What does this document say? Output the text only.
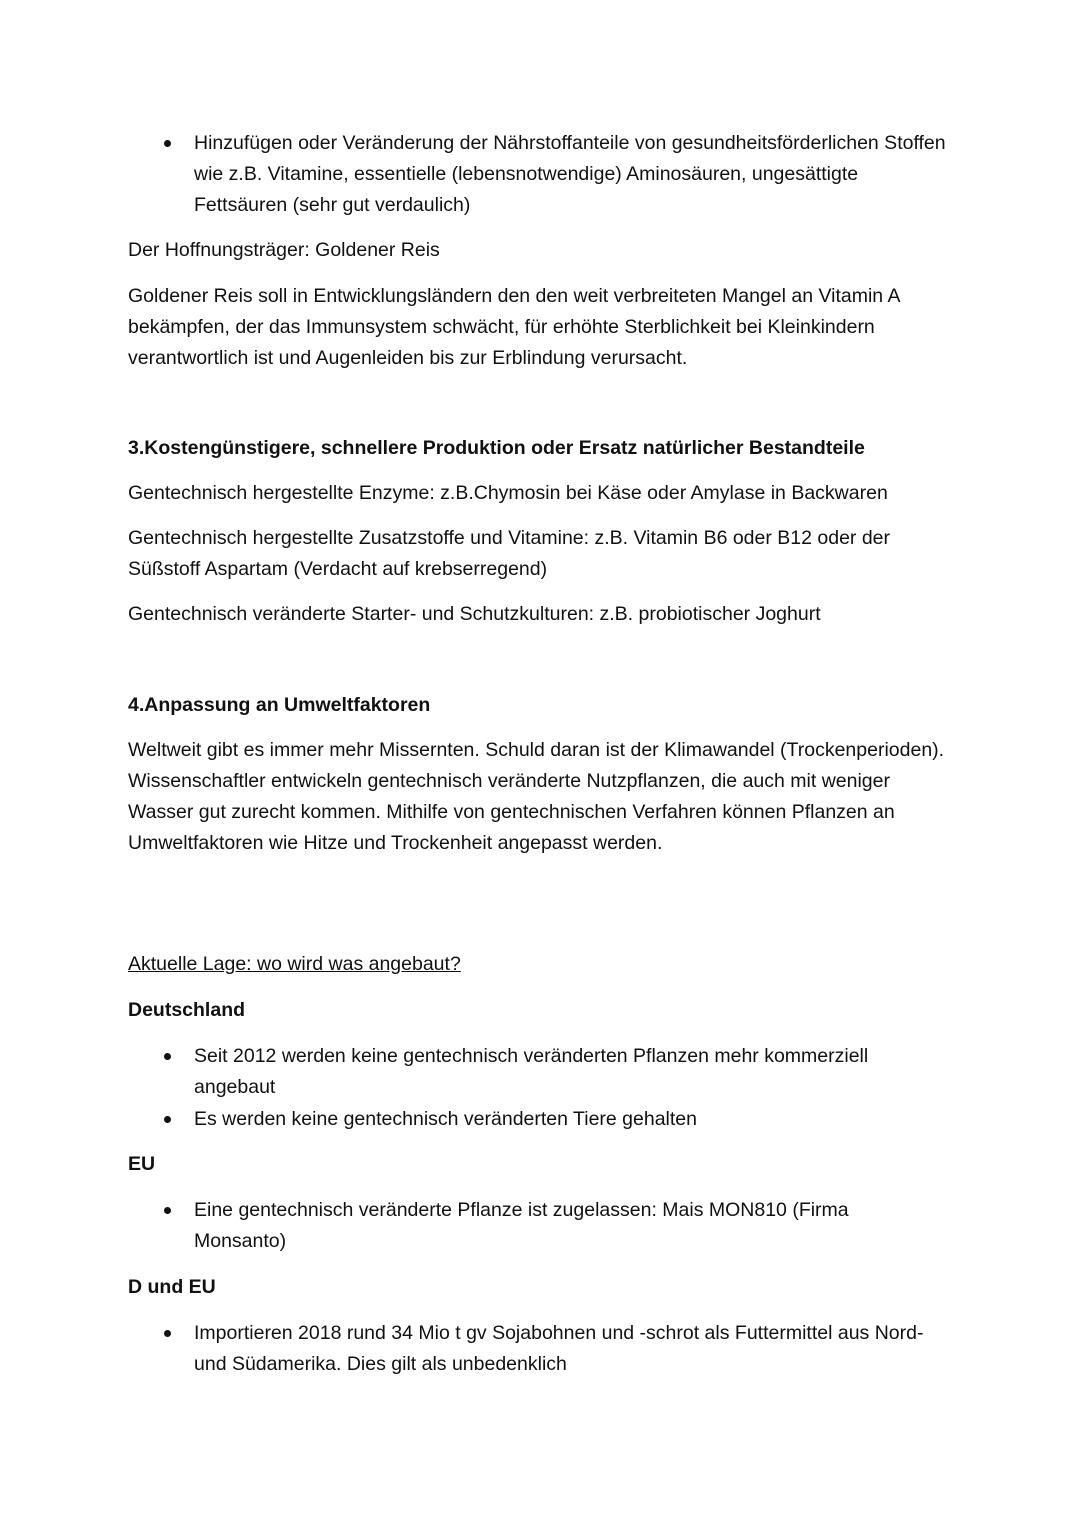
Hinzufügen oder Veränderung der Nährstoffanteile von gesundheitsförderlichen Stoffen wie z.B. Vitamine, essentielle (lebensnotwendige) Aminosäuren, ungesättigte Fettsäuren (sehr gut verdaulich)

Der Hoffnungsträger: Goldener Reis

Goldener Reis soll in Entwicklungsländern den den weit verbreiteten Mangel an Vitamin A bekämpfen, der das Immunsystem schwächt, für erhöhte Sterblichkeit bei Kleinkindern verantwortlich ist und Augenleiden bis zur Erblindung verursacht.

3.Kostengünstigere, schnellere Produktion oder Ersatz natürlicher Bestandteile

Gentechnisch hergestellte Enzyme: z.B.Chymosin bei Käse oder Amylase in Backwaren

Gentechnisch hergestellte Zusatzstoffe und Vitamine: z.B. Vitamin B6 oder B12 oder der Süßstoff Aspartam (Verdacht auf krebserregend)

Gentechnisch veränderte Starter- und Schutzkulturen: z.B. probiotischer Joghurt

4.Anpassung an Umweltfaktoren

Weltweit gibt es immer mehr Missernten. Schuld daran ist der Klimawandel (Trockenperioden). Wissenschaftler entwickeln gentechnisch veränderte Nutzpflanzen, die auch mit weniger Wasser gut zurecht kommen. Mithilfe von gentechnischen Verfahren können Pflanzen an Umweltfaktoren wie Hitze und Trockenheit angepasst werden.

Aktuelle Lage: wo wird was angebaut?

Deutschland

Seit 2012 werden keine gentechnisch veränderten Pflanzen mehr kommerziell angebaut
Es werden keine gentechnisch veränderten Tiere gehalten

EU

Eine gentechnisch veränderte Pflanze ist zugelassen: Mais MON810 (Firma Monsanto)

D und EU

Importieren 2018 rund 34 Mio t gv Sojabohnen und -schrot als Futtermittel aus Nord- und Südamerika. Dies gilt als unbedenklich
